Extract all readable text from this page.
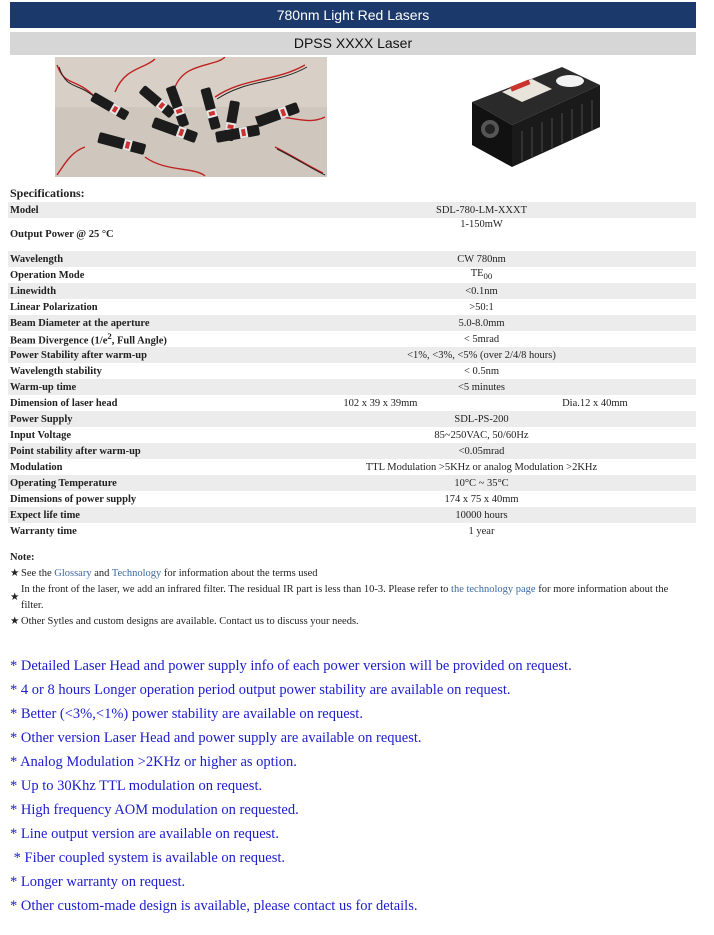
780nm Light Red Lasers
DPSS XXXX Laser
Specifications:
Model	SDL-780-LM-XXXT	
Output Power @ 25 °C	1-150mW	
Wavelength	CW 780nm	
Operation Mode	$TE_{00}$
Linewidth	<0.1nm	
Linear Polarization	>50:1	
Beam Diameter at the aperture	5.0-8.0mm	
Beam Divergence ($1/e^2$, Full Angle)	< 5mrad	
Power Stability after warm-up	<1%, <3%, <5% (over 2/4/8 hours)	
Wavelength stability	< 0.5nm	
Warm-up time	<5 minutes	
Dimension of laser head	102 x 39 x 39mm	Dia.12 x 40mm
Power Supply	SDL-PS-200	
Input Voltage	85~250VAC, 50/60Hz	
Point stability after warm-up	<0.05mrad	
Modulation	TTL Modulation >5KHz or analog Modulation >2KHz	
Operating Temperature	10°C ~ 35°C	
Dimensions of power supply	174 x 75 x 40mm	
Expect life time	10000 hours	
Warranty time	1 year	
Note:
★ See the Glossary and Technology for information about the terms used
★
In the front of the laser, we add an infrared filter. The residual IR part is less than 10-3. Please refer to the technology page for more information about the filter.
★ Other Sytles and custom designs are available. Contact us to discuss your needs.
* Detailed Laser Head and power supply info of each power version will be provided on request.
* 4 or 8 hours Longer operation period output power stability are available on request.
* Better (<3%,<1%) power stability are available on request.
* Other version Laser Head and power supply are available on request.
* Analog Modulation >2KHz or higher as option.
* Up to 30Khz TTL modulation on request.
* High frequency AOM modulation on requested.
* Line output version are available on request.
* Fiber coupled system is available on request.
* Longer warranty on request.
* Other custom-made design is available, please contact us for details.
